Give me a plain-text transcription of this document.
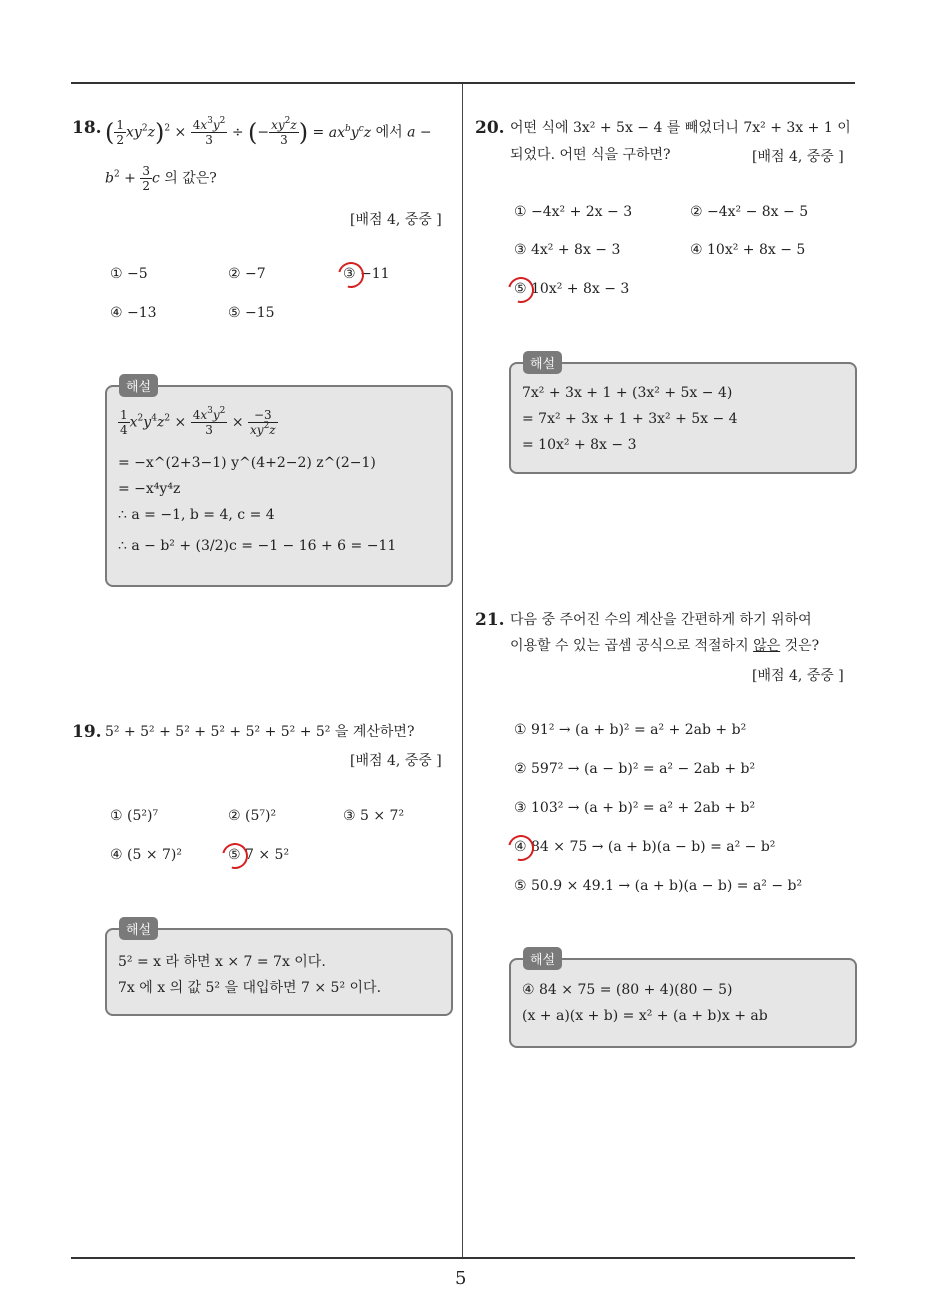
18. ( $\frac{1}{2} xy^2z)^2 \times \frac{4x^3y^2}{3}$ ÷ (− $\frac{xy^2z}{3}$ ) = $ax^by^cz$ 에서 a −
$b^2 + \frac{3}{2}$ c 의 값은?
[배점 4, 중중 ]
① −5	② −7	③ −11
④ −13	⑤ −15
해설
$\frac{1}{4} x^2y^4z^2 \times \frac{4x^3y^2}{3} \times \frac{-3}{xy^2z}$
= −x^(2+3−1) y^(4+2−2) z^(2−1)
= −x⁴y⁴z
∴ a = −1, b = 4, c = 4
∴ a − b² + (3/2)c = −1 − 16 + 6 = −11
19. 5² + 5² + 5² + 5² + 5² + 5² + 5² 을 계산하면?
[배점 4, 중중 ]
① (5²)⁷	② (5⁷)²	③ 5 × 7²
④ (5 × 7)²	⑤ 7 × 5²
해설
5² = x 라 하면 x × 7 = 7x 이다.
7x 에 x 의 값 5² 을 대입하면 7 × 5² 이다.
20. 어떤 식에 3x² + 5x − 4 를 빼었더니 7x² + 3x + 1 이
되었다. 어떤 식을 구하면?	[배점 4, 중중 ]
① −4x² + 2x − 3	② −4x² − 8x − 5
③ 4x² + 8x − 3	④ 10x² + 8x − 5
⑤ 10x² + 8x − 3
해설
7x² + 3x + 1 + (3x² + 5x − 4)
= 7x² + 3x + 1 + 3x² + 5x − 4
= 10x² + 8x − 3
21. 다음 중 주어진 수의 계산을 간편하게 하기 위하여
이용할 수 있는 곱셈 공식으로 적절하지 않은 것은?
[배점 4, 중중 ]
① 91² → (a + b)² = a² + 2ab + b²
② 597² → (a − b)² = a² − 2ab + b²
③ 103² → (a + b)² = a² + 2ab + b²
④ 84 × 75 → (a + b)(a − b) = a² − b²
⑤ 50.9 × 49.1 → (a + b)(a − b) = a² − b²
해설
④ 84 × 75 = (80 + 4)(80 − 5)
(x + a)(x + b) = x² + (a + b)x + ab
5
